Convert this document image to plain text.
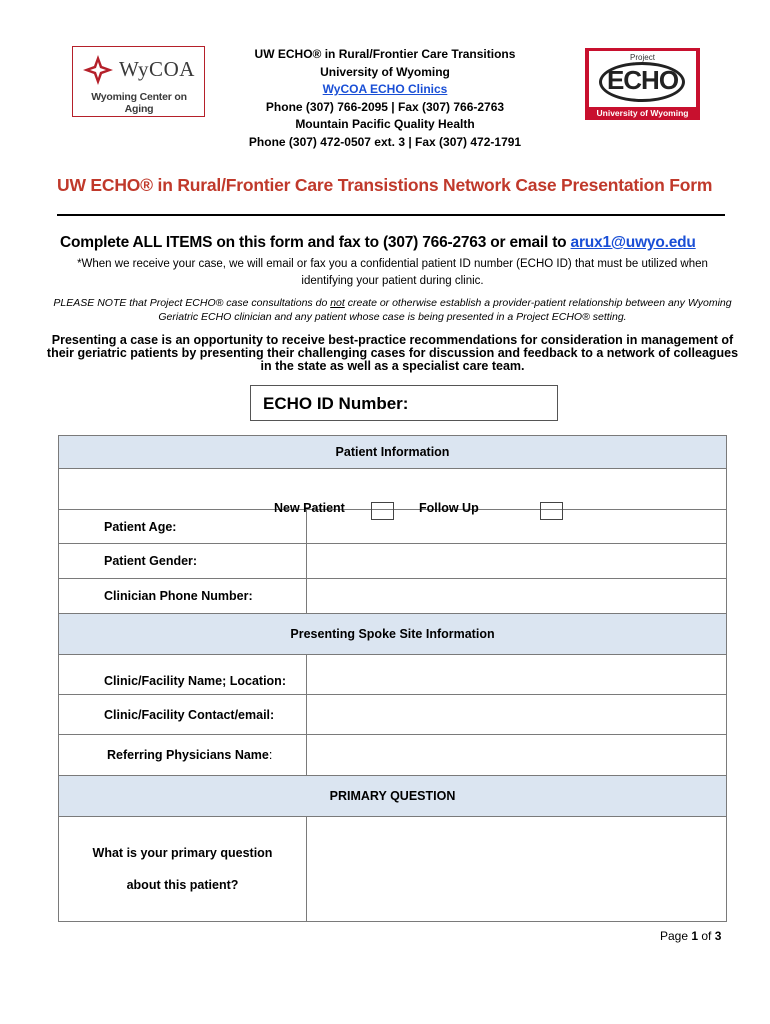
WyCOA
Wyoming Center on Aging
UW ECHO® in Rural/Frontier Care Transitions
University of Wyoming
WyCOA ECHO Clinics
Phone (307) 766-2095 | Fax (307) 766-2763
Mountain Pacific Quality Health
Phone (307) 472-0507 ext. 3 | Fax (307) 472-1791
Project
ECHO
University of Wyoming
UW ECHO® in Rural/Frontier Care Transistions Network Case Presentation Form
Complete ALL ITEMS on this form and fax to (307) 766-2763 or email to arux1@uwyo.edu
*When we receive your case, we will email or fax you a confidential patient ID number (ECHO ID) that must be utilized when identifying your patient during clinic.
PLEASE NOTE that Project ECHO® case consultations do not create or otherwise establish a provider-patient relationship between any Wyoming Geriatric ECHO clinician and any patient whose case is being presented in a Project ECHO® setting.
Presenting a case is an opportunity to receive best-practice recommendations for consideration in management of their geriatric patients by presenting their challenging cases for discussion and feedback to a network of colleagues in the state as well as a specialist care team.
ECHO ID Number:
Patient Information	

New Patient Follow Up	

Patient Age:	
Patient Gender:	
Clinician Phone Number:	
Presenting Spoke Site Information	
Clinic/Facility Name; Location:	
Clinic/Facility Contact/email:	
Referring Physicians Name:	
PRIMARY QUESTION	

What is your primary question
about this patient?	

Page 1 of 3
